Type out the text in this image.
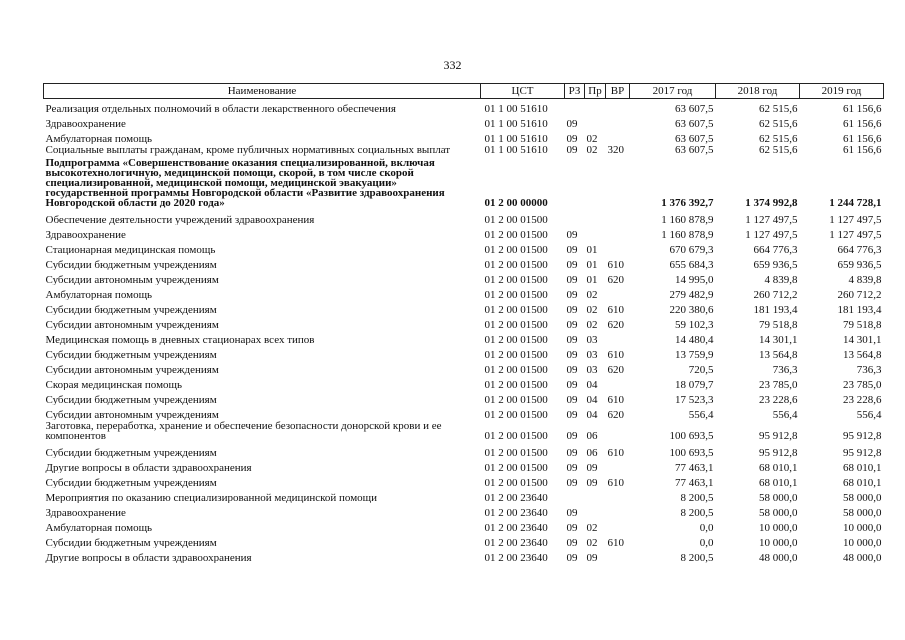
332
Наименование	ЦСТ	РЗ	Пр	ВР	2017 год	2018 год	2019 год
Реализация отдельных полномочий в области лекарственного обеспечения	01 1 00 51610				63 607,5	62 515,6	61 156,6
Здравоохранение	01 1 00 51610	09			63 607,5	62 515,6	61 156,6
Амбулаторная помощь	01 1 00 51610	09	02		63 607,5	62 515,6	61 156,6
Социальные выплаты гражданам, кроме публичных нормативных социальных выплат	01 1 00 51610	09	02	320	63 607,5	62 515,6	61 156,6
Подпрограмма «Совершенствование оказания специализированной, включая высокотехнологичную, медицинской помощи, скорой, в том числе скорой специализированной, медицинской помощи, медицинской эвакуации» государственной программы Новгородской области «Развитие здравоохранения Новгородской области до 2020 года»	01 2 00 00000				1 376 392,7	1 374 992,8	1 244 728,1
Обеспечение деятельности учреждений здравоохранения	01 2 00 01500				1 160 878,9	1 127 497,5	1 127 497,5
Здравоохранение	01 2 00 01500	09			1 160 878,9	1 127 497,5	1 127 497,5
Стационарная медицинская помощь	01 2 00 01500	09	01		670 679,3	664 776,3	664 776,3
Субсидии бюджетным учреждениям	01 2 00 01500	09	01	610	655 684,3	659 936,5	659 936,5
Субсидии автономным учреждениям	01 2 00 01500	09	01	620	14 995,0	4 839,8	4 839,8
Амбулаторная помощь	01 2 00 01500	09	02		279 482,9	260 712,2	260 712,2
Субсидии бюджетным учреждениям	01 2 00 01500	09	02	610	220 380,6	181 193,4	181 193,4
Субсидии автономным учреждениям	01 2 00 01500	09	02	620	59 102,3	79 518,8	79 518,8
Медицинская помощь в дневных стационарах всех типов	01 2 00 01500	09	03		14 480,4	14 301,1	14 301,1
Субсидии бюджетным учреждениям	01 2 00 01500	09	03	610	13 759,9	13 564,8	13 564,8
Субсидии автономным учреждениям	01 2 00 01500	09	03	620	720,5	736,3	736,3
Скорая медицинская помощь	01 2 00 01500	09	04		18 079,7	23 785,0	23 785,0
Субсидии бюджетным учреждениям	01 2 00 01500	09	04	610	17 523,3	23 228,6	23 228,6
Субсидии автономным учреждениям	01 2 00 01500	09	04	620	556,4	556,4	556,4
Заготовка, переработка, хранение и обеспечение безопасности донорской крови и ее компонентов	01 2 00 01500	09	06		100 693,5	95 912,8	95 912,8
Субсидии бюджетным учреждениям	01 2 00 01500	09	06	610	100 693,5	95 912,8	95 912,8
Другие вопросы в области здравоохранения	01 2 00 01500	09	09		77 463,1	68 010,1	68 010,1
Субсидии бюджетным учреждениям	01 2 00 01500	09	09	610	77 463,1	68 010,1	68 010,1
Мероприятия по оказанию специализированной медицинской помощи	01 2 00 23640				8 200,5	58 000,0	58 000,0
Здравоохранение	01 2 00 23640	09			8 200,5	58 000,0	58 000,0
Амбулаторная помощь	01 2 00 23640	09	02		0,0	10 000,0	10 000,0
Субсидии бюджетным учреждениям	01 2 00 23640	09	02	610	0,0	10 000,0	10 000,0
Другие вопросы в области здравоохранения	01 2 00 23640	09	09		8 200,5	48 000,0	48 000,0
